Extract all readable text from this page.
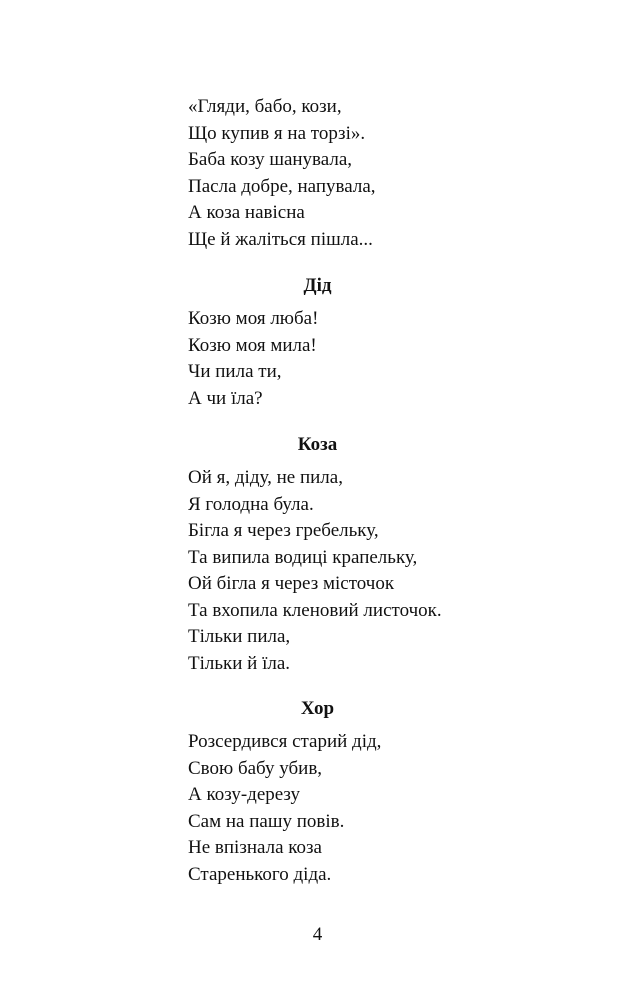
«Гляди, бабо, кози,
Що купив я на торзі».
Баба козу шанувала,
Пасла добре, напувала,
А коза навісна
Ще й жаліться пішла...
Дід
Козю моя люба!
Козю моя мила!
Чи пила ти,
А чи їла?
Коза
Ой я, діду, не пила,
Я голодна була.
Бігла я через гребельку,
Та випила водиці крапельку,
Ой бігла я через місточок
Та вхопила кленовий листочок.
Тільки пила,
Тільки й їла.
Хор
Розсердився старий дід,
Свою бабу убив,
А козу-дерезу
Сам на пашу повів.
Не впізнала коза
Старенького діда.
4
